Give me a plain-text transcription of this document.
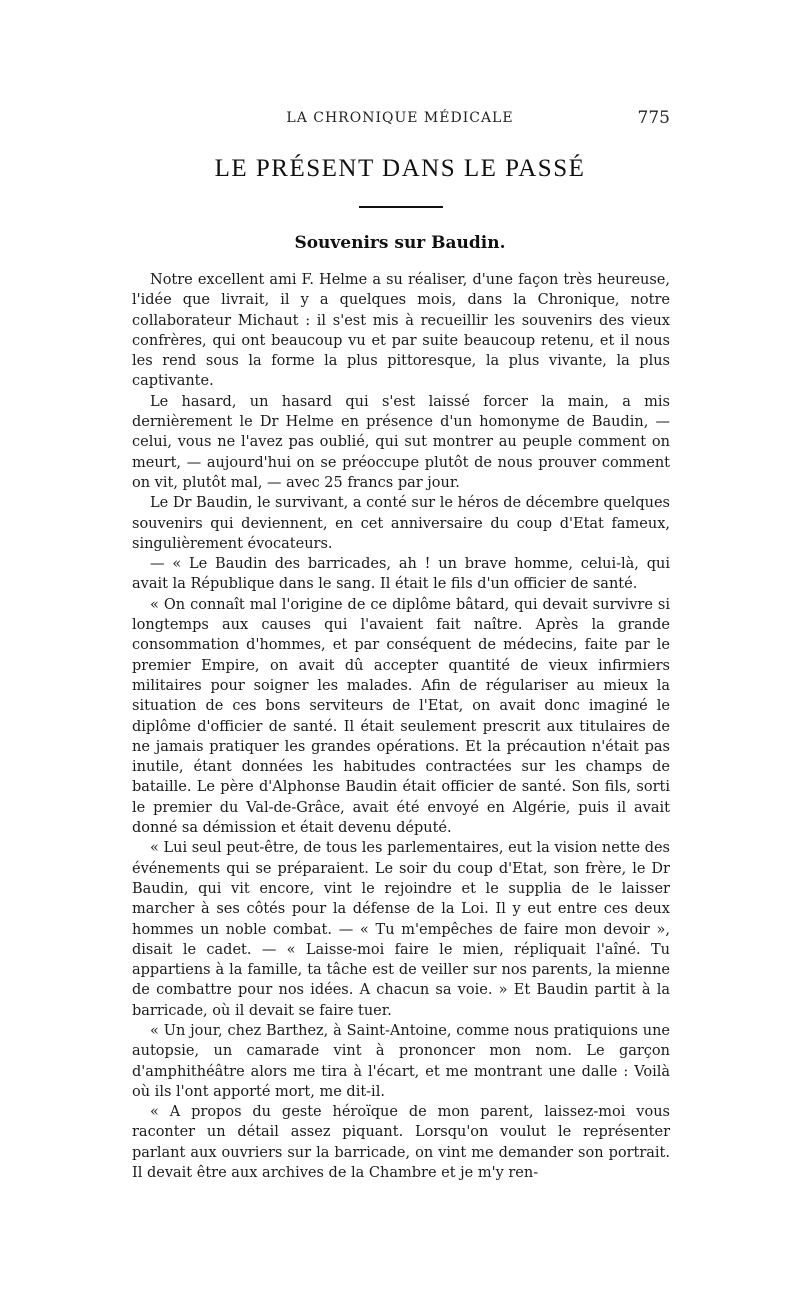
LA CHRONIQUE MÉDICALE	775
LE PRÉSENT DANS LE PASSÉ
Souvenirs sur Baudin.

Notre excellent ami F. Helme a su réaliser, d'une façon très heureuse, l'idée que livrait, il y a quelques mois, dans la Chronique, notre collaborateur Michaut : il s'est mis à recueillir les souvenirs des vieux confrères, qui ont beaucoup vu et par suite beaucoup retenu, et il nous les rend sous la forme la plus pittoresque, la plus vivante, la plus captivante.

Le hasard, un hasard qui s'est laissé forcer la main, a mis dernièrement le Dr Helme en présence d'un homonyme de Baudin, — celui, vous ne l'avez pas oublié, qui sut montrer au peuple comment on meurt, — aujourd'hui on se préoccupe plutôt de nous prouver comment on vit, plutôt mal, — avec 25 francs par jour.

Le Dr Baudin, le survivant, a conté sur le héros de décembre quelques souvenirs qui deviennent, en cet anniversaire du coup d'Etat fameux, singulièrement évocateurs.

— « Le Baudin des barricades, ah ! un brave homme, celui-là, qui avait la République dans le sang. Il était le fils d'un officier de santé.

« On connaît mal l'origine de ce diplôme bâtard, qui devait survivre si longtemps aux causes qui l'avaient fait naître. Après la grande consommation d'hommes, et par conséquent de médecins, faite par le premier Empire, on avait dû accepter quantité de vieux infirmiers militaires pour soigner les malades. Afin de régulariser au mieux la situation de ces bons serviteurs de l'Etat, on avait donc imaginé le diplôme d'officier de santé. Il était seulement prescrit aux titulaires de ne jamais pratiquer les grandes opérations. Et la précaution n'était pas inutile, étant données les habitudes contractées sur les champs de bataille. Le père d'Alphonse Baudin était officier de santé. Son fils, sorti le premier du Val-de-Grâce, avait été envoyé en Algérie, puis il avait donné sa démission et était devenu député.

« Lui seul peut-être, de tous les parlementaires, eut la vision nette des événements qui se préparaient. Le soir du coup d'Etat, son frère, le Dr Baudin, qui vit encore, vint le rejoindre et le supplia de le laisser marcher à ses côtés pour la défense de la Loi. Il y eut entre ces deux hommes un noble combat. — « Tu m'empêches de faire mon devoir », disait le cadet. — « Laisse-moi faire le mien, répliquait l'aîné. Tu appartiens à la famille, ta tâche est de veiller sur nos parents, la mienne de combattre pour nos idées. A chacun sa voie. » Et Baudin partit à la barricade, où il devait se faire tuer.

« Un jour, chez Barthez, à Saint-Antoine, comme nous pratiquions une autopsie, un camarade vint à prononcer mon nom. Le garçon d'amphithéâtre alors me tira à l'écart, et me montrant une dalle : Voilà où ils l'ont apporté mort, me dit-il.

« A propos du geste héroïque de mon parent, laissez-moi vous raconter un détail assez piquant. Lorsqu'on voulut le représenter parlant aux ouvriers sur la barricade, on vint me demander son portrait. Il devait être aux archives de la Chambre et je m'y ren-
